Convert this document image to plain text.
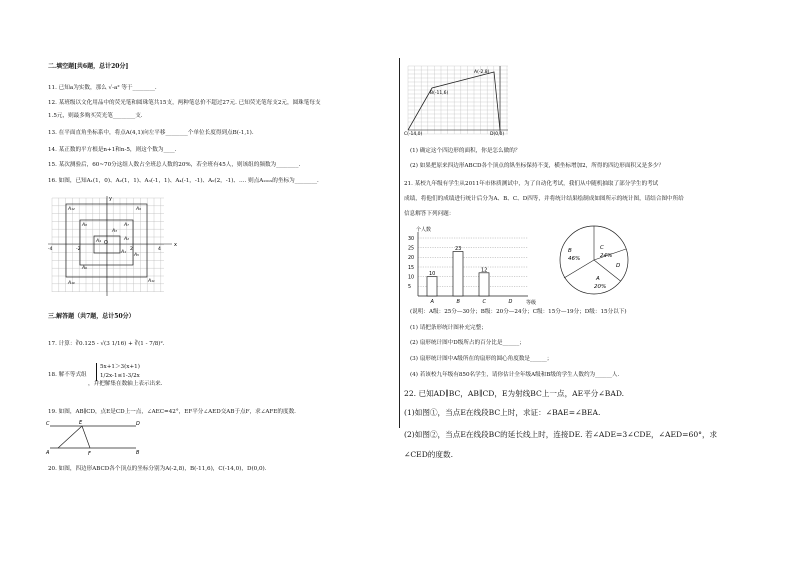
二.填空题[共6题，总计20分]
11. 已知a为实数，那么 √-a² 等于________.
12. 某班级以文化用品中的荧光笔和圆珠笔共15支，两种笔总价不超过27元. 已知荧光笔每支2元，圆珠笔每支
1.5元，则最多购买荧光笔________支.
13. 在平面直角坐标系中，将点A(4,1)向左平移________个单位长度得到点B(-1,1).
14. 某正数的平方根是n+1和n-5，则这个数为____.
15. 某次测验后，60~70分这组人数占全班总人数的20%，若全班有45人，则该组的频数为________.
16. 如图，已知A₁(1，0)、A₂(1，1)、A₃(-1，1)、A₄(-1，-1)、A₅(2，-1)、…. 则点A₂₀₁₉的坐标为________.
O	x
y
-4	-2	2	4
A₁₂
A₈
A₉
A₄
A₃
A₇
A₁₁
A₁₀
A₆
A₂
A₁
A₅
三.解答题（共7题，总计50分）
17. 计算：∛0.125 - √(3 1/16) + ∛(1 - 7/8)².
18. 解不等式组
5x+1＞3(x+1)
1/2x-1≤1-3/2x
，并把解集在数轴上表示出来.
19. 如图，AB∥CD，点E是CD上一点，∠AEC=42°，EF平分∠AED交AB于点F，求∠AFE的度数.
C	E	D
A	F	B
20. 如图，四边形ABCD各个顶点的坐标分别为A(-2,8)，B(-11,6)，C(-14,0)，D(0,0).
A(-2,8)
B(-11,6)
C(-14,0)	D(0,0)
(1) 确定这个四边形的面积，你是怎么做的？
(2) 如果把原来四边形ABCD各个顶点的纵坐标保持不变，横坐标增加2，所得的四边形面积又是多少？
21. 某校九年级有学生从2011年市体质测试中，为了自动化考试，我们从中随机抽取了部分学生的考试
成绩，将他们的成绩进行统计后分为A、B、C、D四等，并将统计结果绘制成如图所示的统计图，请结合图中所给
信息解答下列问题：
个人数
等级
5
10
15
20
25
30
10
A
23
B
12
C	D
B
46%
C
24%
A
20%
D
(说明：A级：25分—30分；B级：20分—24分；C级：15分—19分；D级：15分以下)
(1) 请把条形统计图补充完整；
(2) 扇形统计图中D级所占的百分比是______；
(3) 扇形统计图中A级所在的扇形的圆心角度数是______；
(4) 若该校九年级有850名学生，请你估计全年级A级和B级的学生人数约为______人.
22. 已知AD∥BC，AB∥CD，E为射线BC上一点，AE平分∠BAD.
(1)如图①，当点E在线段BC上时，求证：∠BAE=∠BEA.
(2)如图②，当点E在线段BC的延长线上时，连接DE. 若∠ADE=3∠CDE，∠AED=60°，求
∠CED的度数.
